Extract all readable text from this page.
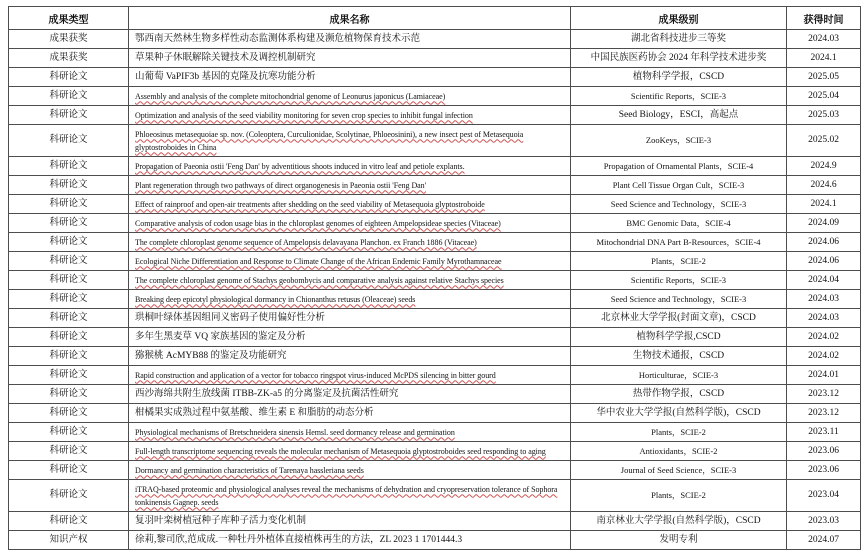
成果类型	成果名称	成果级别	获得时间
成果获奖	鄂西南天然林生物多样性动态监测体系构建及濒危植物保育技术示范	湖北省科技进步三等奖	2024.03
成果获奖	草果种子休眠解除关键技术及调控机制研究	中国民族医药协会 2024 年科学技术进步奖	2024.1
科研论文	山葡萄 VaPIF3b 基因的克隆及抗寒功能分析	植物科学学报，CSCD	2025.05
科研论文	Assembly and analysis of the complete mitochondrial genome of Leonurus japonicus (Lamiaceae)	Scientific Reports，SCIE-3	2025.04
科研论文	Optimization and analysis of the seed viability monitoring for seven crop species to inhibit fungal infection	Seed Biology，ESCI，高起点	2025.03
科研论文	Phloeosinus metasequoiae sp. nov. (Coleoptera, Curculionidae, Scolytinae, Phloeosinini), a new insect pest of Metasequoia glyptostroboides in China	ZooKeys，SCIE-3	2025.02
科研论文	Propagation of Paeonia ostii 'Feng Dan' by adventitious shoots induced in vitro leaf and petiole explants.	Propagation of Ornamental Plants，SCIE-4	2024.9
科研论文	Plant regeneration through two pathways of direct organogenesis in Paeonia ostii 'Feng Dan'	Plant Cell Tissue Organ Cult，SCIE-3	2024.6
科研论文	Effect of rainproof and open-air treatments after shedding on the seed viability of Metasequoia glyptostroboide	Seed Science and Technology，SCIE-3	2024.1
科研论文	Comparative analysis of codon usage bias in the chloroplast genomes of eighteen Ampelopsideae species (Vitaceae)	BMC Genomic Data，SCIE-4	2024.09
科研论文	The complete chloroplast genome sequence of Ampelopsis delavayana Planchon. ex Franch 1886 (Vitaceae)	Mitochondrial DNA Part B-Resources，SCIE-4	2024.06
科研论文	Ecological Niche Differentiation and Response to Climate Change of the African Endemic Family Myrothamnaceae	Plants，SCIE-2	2024.06
科研论文	The complete chloroplast genome of Stachys geobombycis and comparative analysis against relative Stachys species	Scientific Reports，SCIE-3	2024.04
科研论文	Breaking deep epicotyl physiological dormancy in Chionanthus retusus (Oleaceae) seeds	Seed Science and Technology，SCIE-3	2024.03
科研论文	珙桐叶绿体基因组同义密码子使用偏好性分析	北京林业大学学报(封面文章)，CSCD	2024.03
科研论文	多年生黑麦草 VQ 家族基因的鉴定及分析	植物科学学报,CSCD	2024.02
科研论文	猕猴桃 AcMYB88 的鉴定及功能研究	生物技术通报，CSCD	2024.02
科研论文	Rapid construction and application of a vector for tobacco ringspot virus-induced McPDS silencing in bitter gourd	Horticulturae，SCIE-3	2024.01
科研论文	西沙海绵共附生放线菌 ITBB-ZK-a5 的分离鉴定及抗菌活性研究	热带作物学报，CSCD	2023.12
科研论文	柑橘果实成熟过程中氨基酸、维生素 E 和脂肪的动态分析	华中农业大学学报(自然科学版)，CSCD	2023.12
科研论文	Physiological mechanisms of Bretschneidera sinensis Hemsl. seed dormancy release and germination	Plants，SCIE-2	2023.11
科研论文	Full-length transcriptome sequencing reveals the molecular mechanism of Metasequoia glyptostroboides seed responding to aging	Antioxidants，SCIE-2	2023.06
科研论文	Dormancy and germination characteristics of Tarenaya hassleriana seeds	Journal of Seed Science，SCIE-3	2023.06
科研论文	iTRAQ-based proteomic and physiological analyses reveal the mechanisms of dehydration and cryopreservation tolerance of Sophora tonkinensis Gagnep. seeds	Plants，SCIE-2	2023.04
科研论文	复羽叶栾树植冠种子库种子活力变化机制	南京林业大学学报(自然科学版)，CSCD	2023.03
知识产权	徐莉,黎司欣,范成成.一种牡丹外植体直接植株再生的方法，ZL 2023 1 1701444.3	发明专利	2024.07
